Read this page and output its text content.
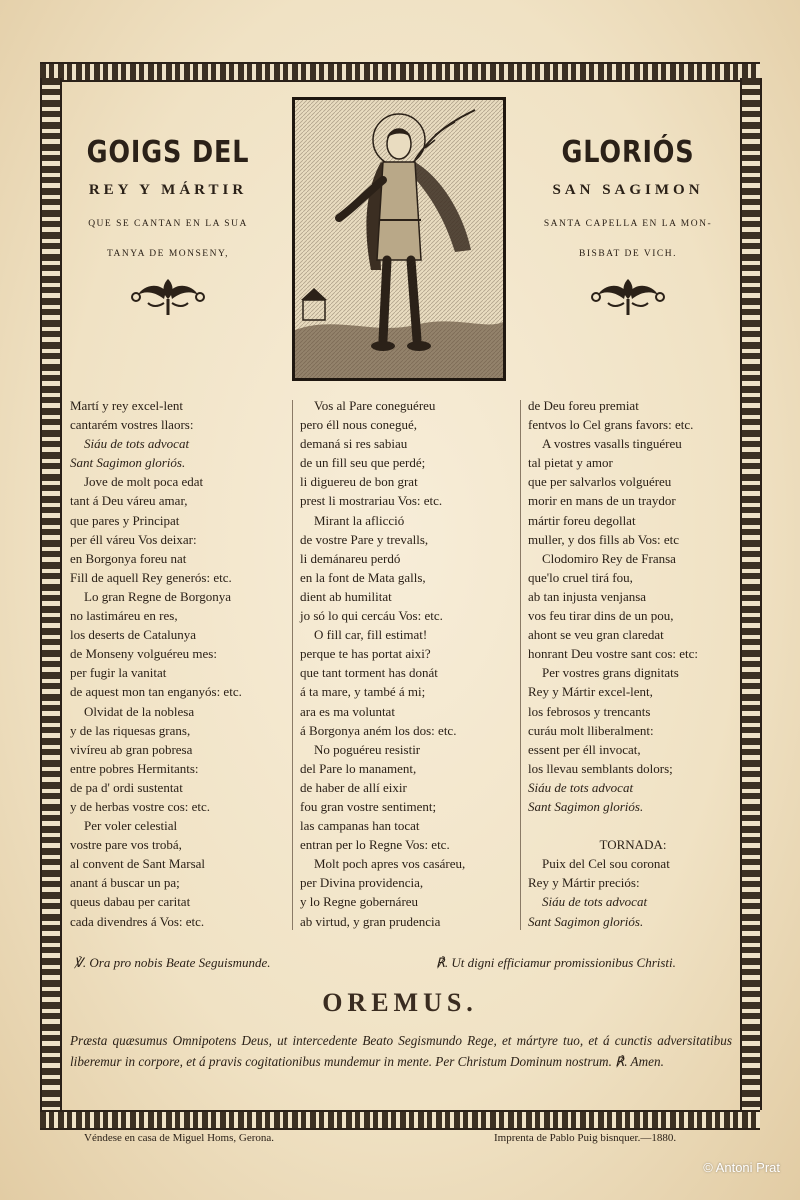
GOIGS DEL
REY Y MÁRTIR
QUE SE CANTAN EN LA SUA
TANYA DE MONSENY,
GLORIÓS
SAN SAGIMON
SANTA CAPELLA EN LA MON-
BISBAT DE VICH.
Martí y rey excel-lent
cantarém vostres llaors:
Siáu de tots advocat
Sant Sagimon gloriós.
Jove de molt poca edat
tant á Deu váreu amar,
que pares y Principat
per éll váreu Vos deixar:
en Borgonya foreu nat
Fill de aquell Rey generós: etc.
Lo gran Regne de Borgonya
no lastimáreu en res,
los deserts de Catalunya
de Monseny volguéreu mes:
per fugir la vanitat
de aquest mon tan enganyós: etc.
Olvidat de la noblesa
y de las riquesas grans,
vivíreu ab gran pobresa
entre pobres Hermitants:
de pa d' ordi sustentat
y de herbas vostre cos: etc.
Per voler celestial
vostre pare vos trobá,
al convent de Sant Marsal
anant á buscar un pa;
queus dabau per caritat
cada divendres á Vos: etc.
Vos al Pare coneguéreu
pero éll nous conegué,
demaná si res sabiau
de un fill seu que perdé;
li diguereu de bon grat
prest li mostrariau Vos: etc.
Mirant la aflicció
de vostre Pare y trevalls,
li demánareu perdó
en la font de Mata galls,
dient ab humilitat
jo só lo qui cercáu Vos: etc.
O fill car, fill estimat!
perque te has portat aixi?
que tant torment has donát
á ta mare, y també á mi;
ara es ma voluntat
á Borgonya aném los dos: etc.
No poguéreu resistir
del Pare lo manament,
de haber de allí eixir
fou gran vostre sentiment;
las campanas han tocat
entran per lo Regne Vos: etc.
Molt poch apres vos casáreu,
per Divina providencia,
y lo Regne gobernáreu
ab virtud, y gran prudencia
de Deu foreu premiat
fentvos lo Cel grans favors: etc.
A vostres vasalls tinguéreu
tal pietat y amor
que per salvarlos volguéreu
morir en mans de un traydor
mártir foreu degollat
muller, y dos fills ab Vos: etc
Clodomiro Rey de Fransa
que'lo cruel tirá fou,
ab tan injusta venjansa
vos feu tirar dins de un pou,
ahont se veu gran claredat
honrant Deu vostre sant cos: etc:
Per vostres grans dignitats
Rey y Mártir excel-lent,
los febrosos y trencants
curáu molt lliberalment:
essent per éll invocat,
los llevau semblants dolors;
Siáu de tots advocat
Sant Sagimon gloriós.

TORNADA:
Puix del Cel sou coronat
Rey y Mártir preciós:
Siáu de tots advocat
Sant Sagimon gloriós.
℣. Ora pro nobis Beate Seguismunde.	℟. Ut digni efficiamur promissionibus Christi.
OREMUS.
Præsta quæsumus Omnipotens Deus, ut intercedente Beato Segismundo Rege, et mártyre tuo, et á cunctis adversitatibus liberemur in corpore, et á pravis cogitationibus mundemur in mente. Per Christum Dominum nostrum. ℟. Amen.
Véndese en casa de Miguel Homs, Gerona.	Imprenta de Pablo Puig bisnquer.—1880.
© Antoni Prat
